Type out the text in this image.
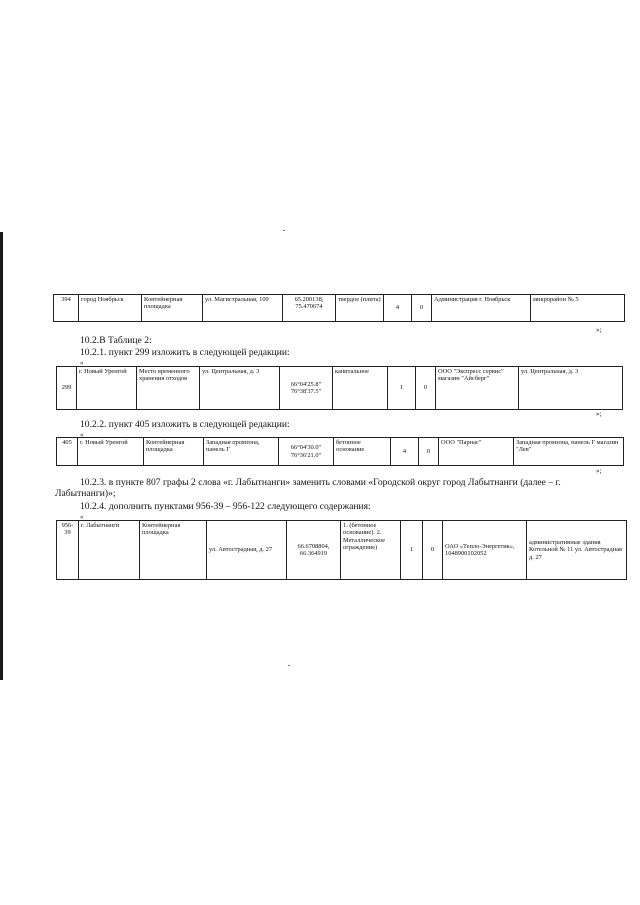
394	город Ноябрьск	Контейнерная площадка	ул. Магистральная, 109	65.200138, 75.470674	твердое (плита)	4	0	Администрация г. Ноябрьск	микрорайон № 5
»;
10.2.В Таблице 2:
10.2.1. пункт 299 изложить в следующей редакции:
«
299	г. Новый Уренгой	Место временного хранения отходов	ул. Центральная, д. 3	66°04'25.8" 76°38'37.5"	капитальное	1	0	ООО "Экспресс сервис" магазин "Айсберг"	ул. Центральная, д. 3
»;
10.2.2. пункт 405 изложить в следующей редакции:
«
405	г. Новый Уренгой	Контейнерная площадка	Западная промзона, панель Г	66°04'30.0" 76°36'21.0"	бетонное основание	4	0	ООО "Парнас"	Западная промзона, панель Г магазин "Лев"
»;
10.2.3. в пункте 807 графы 2 слова «г. Лабытнанги» заменить словами «Городской округ город Лабытнанги (далее – г. Лабытнанги)»;
10.2.4. дополнить пунктами 956-39 – 956-122 следующего содержания:
«
956-39	г. Лабытнанги	Контейнерная площадка	ул. Автострадная, д. 27	66.6708804, 66.364919	1. (бетонное основание). 2. Металлическое ограждение)	1	0	ОАО «Тепло-Энергетик», 1048900102052	административные здания Котельной № 11 ул. Автострадная д. 27
